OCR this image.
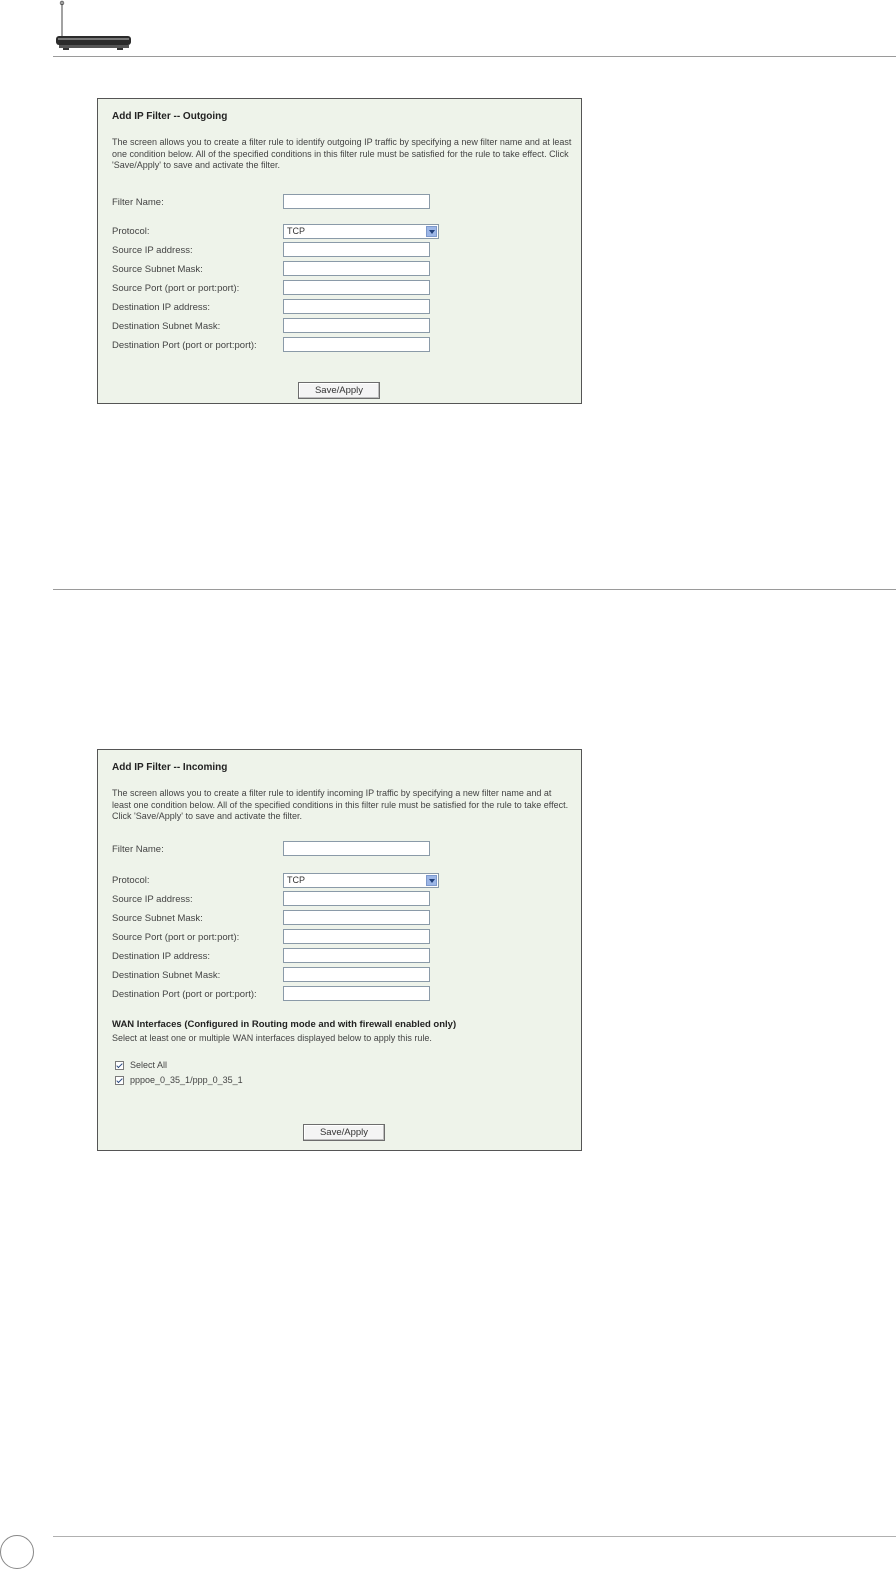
Add IP Filter -- Outgoing
The screen allows you to create a filter rule to identify outgoing IP traffic by specifying a new filter name and at least one condition below. All of the specified conditions in this filter rule must be satisfied for the rule to take effect. Click 'Save/Apply' to save and activate the filter.
Filter Name:
Protocol:	TCP
Source IP address:
Source Subnet Mask:
Source Port (port or port:port):
Destination IP address:
Destination Subnet Mask:
Destination Port (port or port:port):
Save/Apply
Add IP Filter -- Incoming
The screen allows you to create a filter rule to identify incoming IP traffic by specifying a new filter name and at least one condition below. All of the specified conditions in this filter rule must be satisfied for the rule to take effect. Click 'Save/Apply' to save and activate the filter.
Filter Name:
Protocol:	TCP
Source IP address:
Source Subnet Mask:
Source Port (port or port:port):
Destination IP address:
Destination Subnet Mask:
Destination Port (port or port:port):
WAN Interfaces (Configured in Routing mode and with firewall enabled only)
Select at least one or multiple WAN interfaces displayed below to apply this rule.
Select All
pppoe_0_35_1/ppp_0_35_1
Save/Apply
